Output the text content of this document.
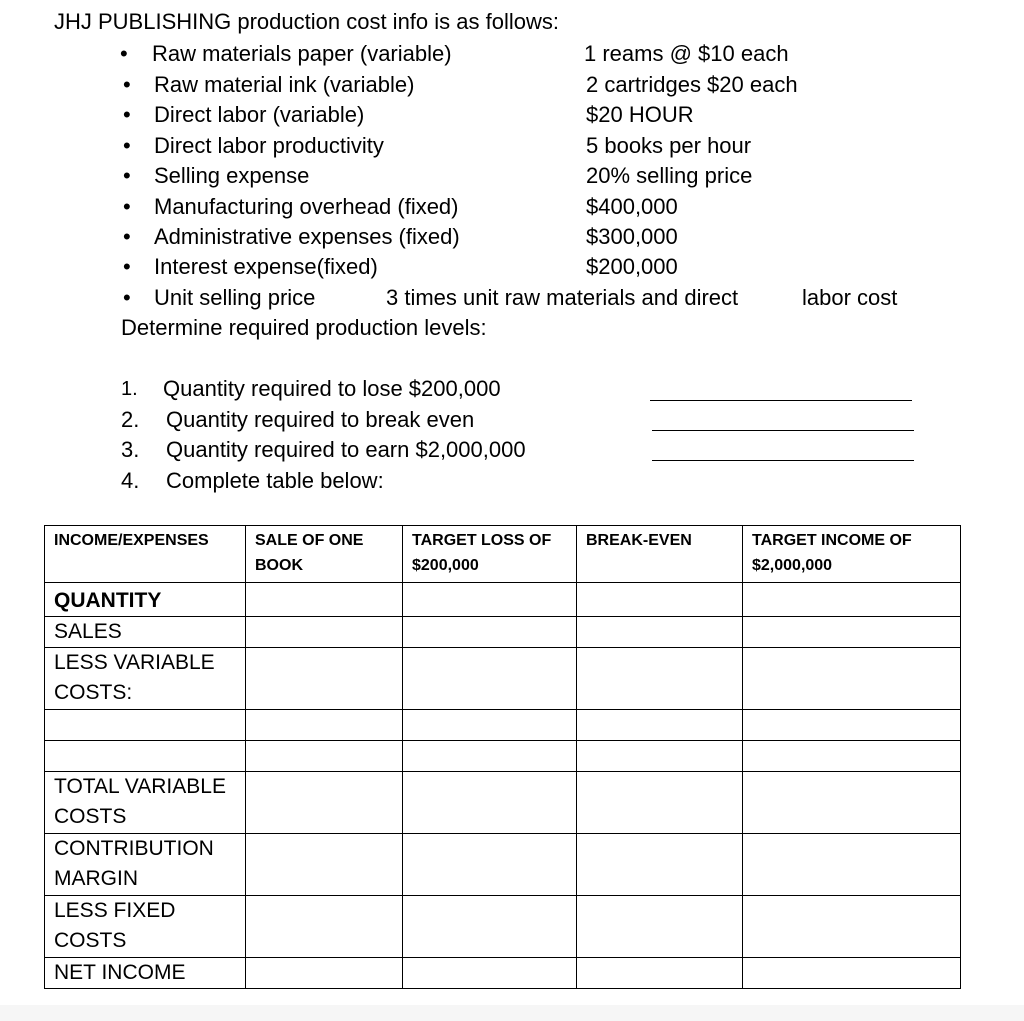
JHJ PUBLISHING production cost info is as follows:
• Raw materials paper (variable)	1 reams @ $10 each
• Raw material ink (variable)	2 cartridges $20 each
• Direct labor (variable)	$20 HOUR
• Direct labor productivity	5 books per hour
• Selling expense	20% selling price
• Manufacturing overhead (fixed)	$400,000
• Administrative expenses (fixed)	$300,000
• Interest expense(fixed)	$200,000
• Unit selling price	3 times unit raw materials and direct	labor cost
Determine required production levels:
1. Quantity required to lose $200,000
2. Quantity required to break even
3. Quantity required to earn $2,000,000
4. Complete table below:
INCOME/EXPENSES	SALE OF ONE BOOK	TARGET LOSS OF $200,000	BREAK-EVEN	TARGET INCOME OF $2,000,000
QUANTITY				
SALES				

LESS VARIABLE COSTS:				

TOTAL VARIABLE COSTS				

CONTRIBUTION MARGIN				

LESS FIXED COSTS				

NET INCOME				
